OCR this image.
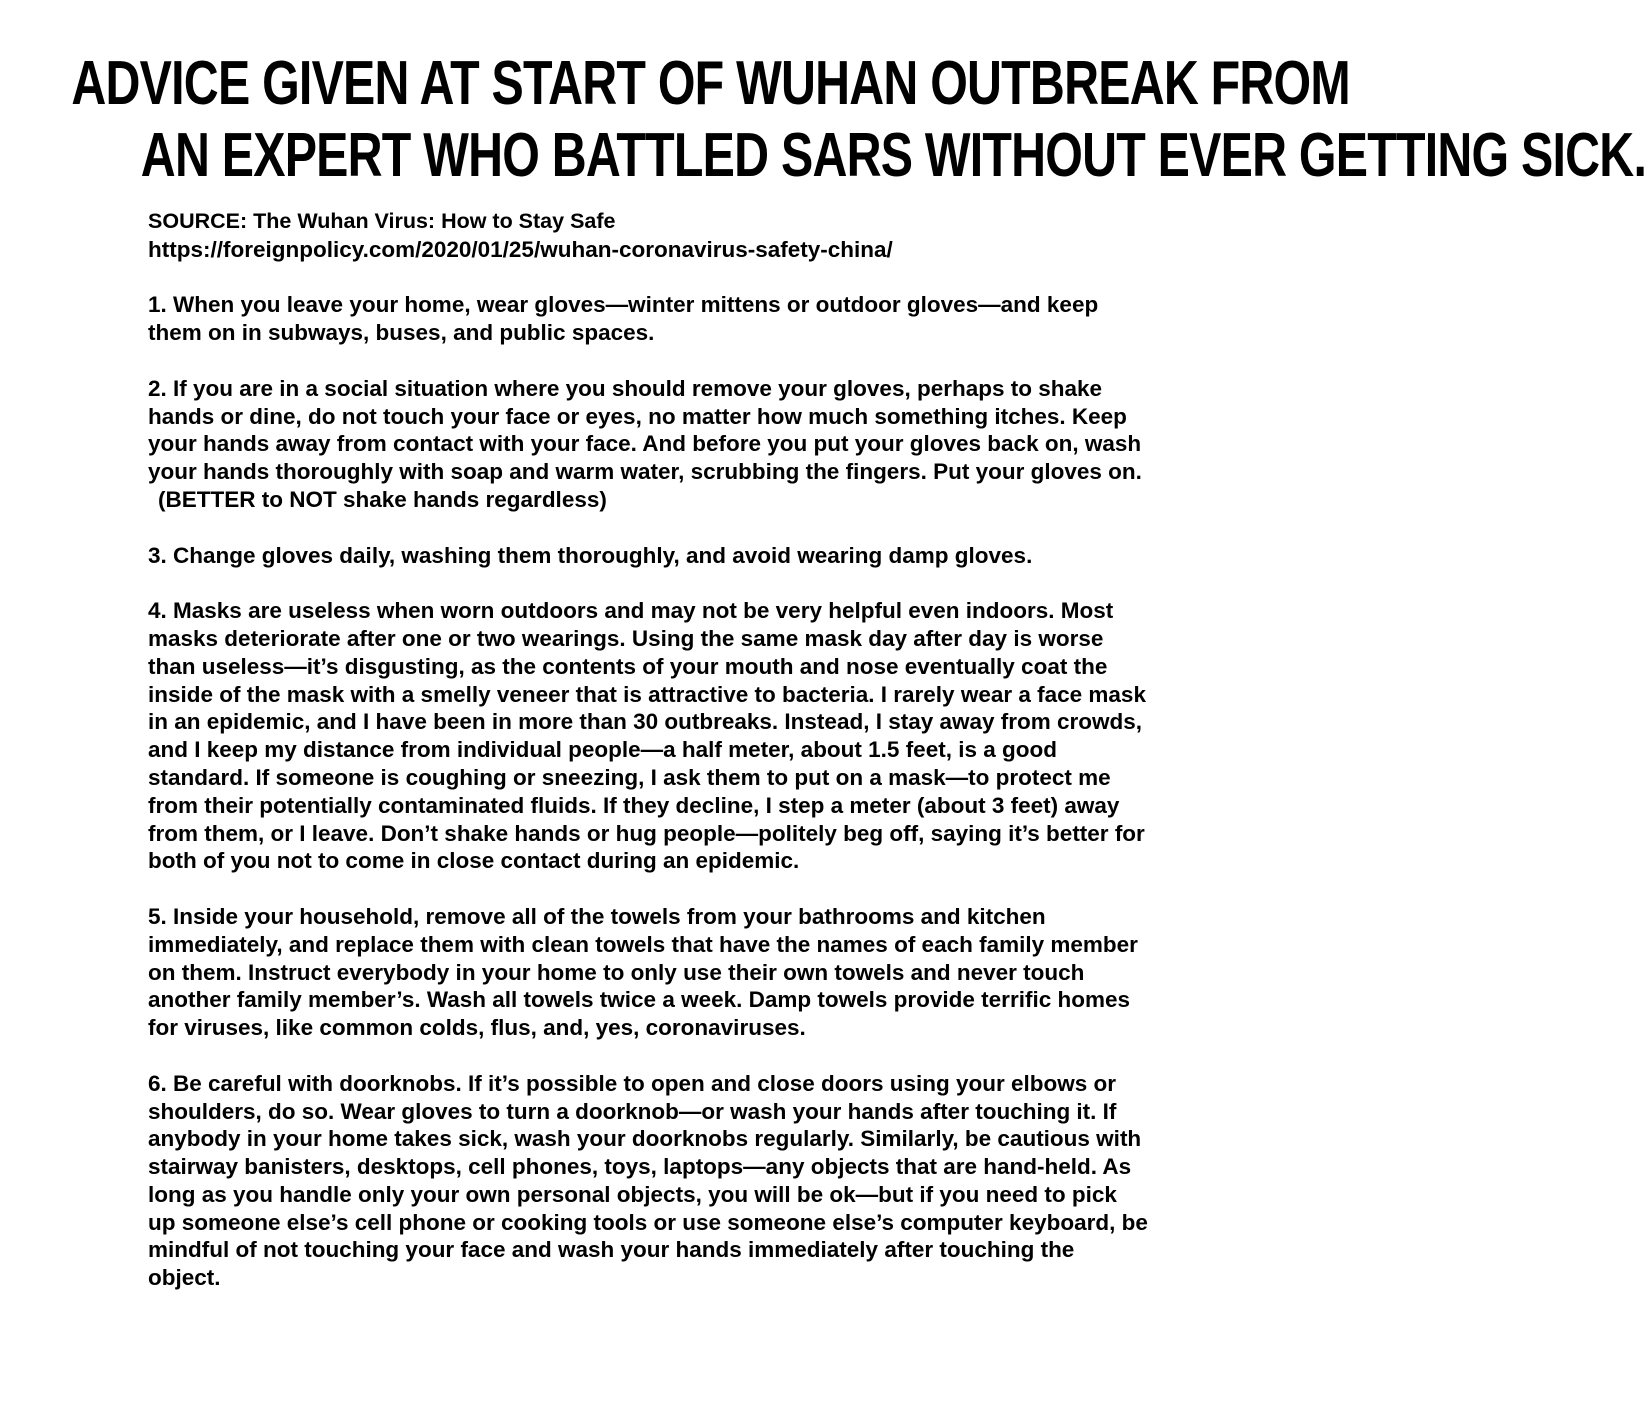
ADVICE GIVEN AT START OF WUHAN OUTBREAK FROM
AN EXPERT WHO BATTLED SARS WITHOUT EVER GETTING SICK.

SOURCE: The Wuhan Virus: How to Stay Safe
https://foreignpolicy.com/2020/01/25/wuhan-coronavirus-safety-china/

1. When you leave your home, wear gloves—winter mittens or outdoor gloves—and keep them on in subways, buses, and public spaces.

2. If you are in a social situation where you should remove your gloves, perhaps to shake hands or dine, do not touch your face or eyes, no matter how much something itches. Keep your hands away from contact with your face. And before you put your gloves back on, wash your hands thoroughly with soap and warm water, scrubbing the fingers. Put your gloves on. (BETTER to NOT shake hands regardless)

3. Change gloves daily, washing them thoroughly, and avoid wearing damp gloves.

4. Masks are useless when worn outdoors and may not be very helpful even indoors. Most masks deteriorate after one or two wearings. Using the same mask day after day is worse than useless—it’s disgusting, as the contents of your mouth and nose eventually coat the inside of the mask with a smelly veneer that is attractive to bacteria. I rarely wear a face mask in an epidemic, and I have been in more than 30 outbreaks. Instead, I stay away from crowds, and I keep my distance from individual people—a half meter, about 1.5 feet, is a good standard. If someone is coughing or sneezing, I ask them to put on a mask—to protect me from their potentially contaminated fluids. If they decline, I step a meter (about 3 feet) away from them, or I leave. Don’t shake hands or hug people—politely beg off, saying it’s better for both of you not to come in close contact during an epidemic.

5. Inside your household, remove all of the towels from your bathrooms and kitchen immediately, and replace them with clean towels that have the names of each family member on them. Instruct everybody in your home to only use their own towels and never touch another family member’s. Wash all towels twice a week. Damp towels provide terrific homes for viruses, like common colds, flus, and, yes, coronaviruses.

6. Be careful with doorknobs. If it’s possible to open and close doors using your elbows or shoulders, do so. Wear gloves to turn a doorknob—or wash your hands after touching it. If anybody in your home takes sick, wash your doorknobs regularly. Similarly, be cautious with stairway banisters, desktops, cell phones, toys, laptops—any objects that are hand-held. As long as you handle only your own personal objects, you will be ok—but if you need to pick up someone else’s cell phone or cooking tools or use someone else’s computer keyboard, be mindful of not touching your face and wash your hands immediately after touching the object.
